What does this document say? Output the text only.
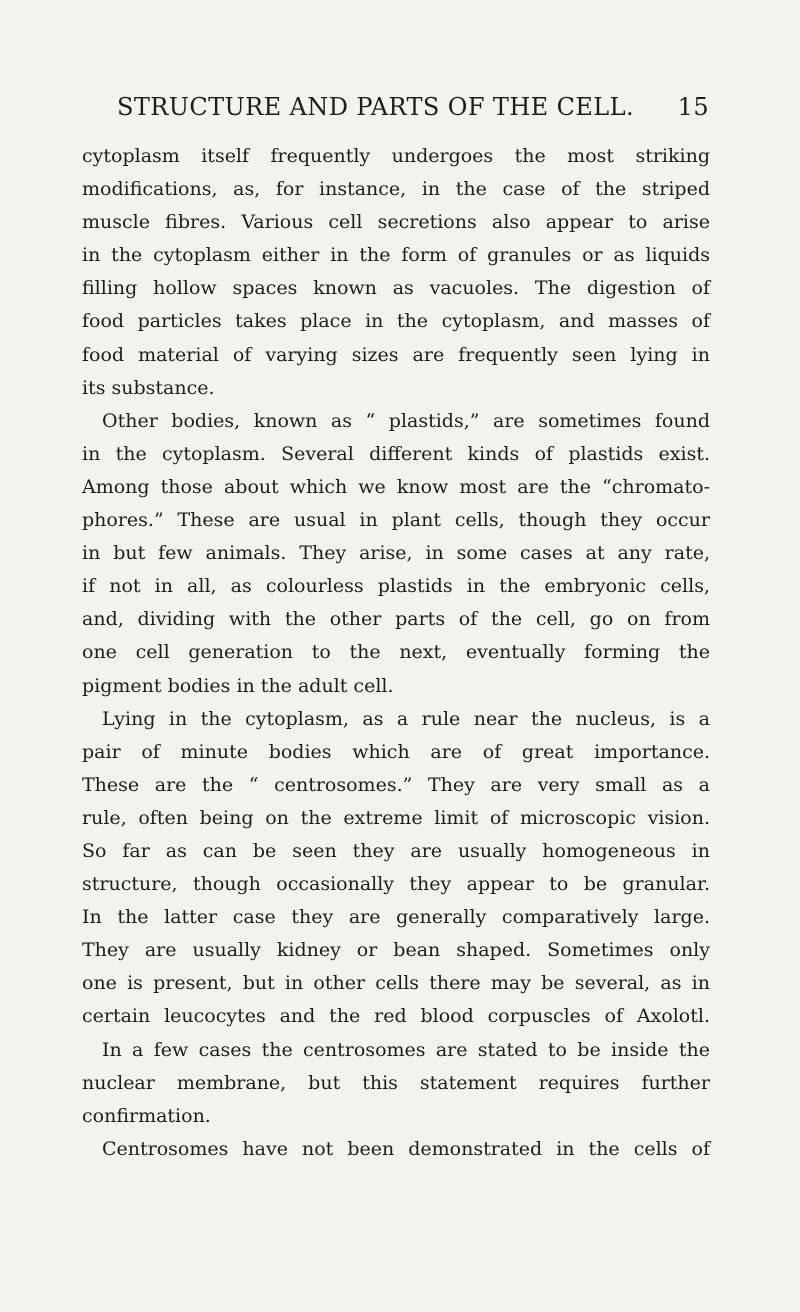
STRUCTURE AND PARTS OF THE CELL. 15
cytoplasm itself frequently undergoes the most striking
modifications, as, for instance, in the case of the striped
muscle fibres. Various cell secretions also appear to arise
in the cytoplasm either in the form of granules or as liquids
filling hollow spaces known as vacuoles. The digestion of
food particles takes place in the cytoplasm, and masses of
food material of varying sizes are frequently seen lying in
its substance.
Other bodies, known as “ plastids,” are sometimes found
in the cytoplasm. Several different kinds of plastids exist.
Among those about which we know most are the “chromato-
phores.” These are usual in plant cells, though they occur
in but few animals. They arise, in some cases at any rate,
if not in all, as colourless plastids in the embryonic cells,
and, dividing with the other parts of the cell, go on from
one cell generation to the next, eventually forming the
pigment bodies in the adult cell.
Lying in the cytoplasm, as a rule near the nucleus, is a
pair of minute bodies which are of great importance.
These are the “ centrosomes.” They are very small as a
rule, often being on the extreme limit of microscopic vision.
So far as can be seen they are usually homogeneous in
structure, though occasionally they appear to be granular.
In the latter case they are generally comparatively large.
They are usually kidney or bean shaped. Sometimes only
one is present, but in other cells there may be several, as in
certain leucocytes and the red blood corpuscles of Axolotl.
In a few cases the centrosomes are stated to be inside the
nuclear membrane, but this statement requires further
confirmation.
Centrosomes have not been demonstrated in the cells of
